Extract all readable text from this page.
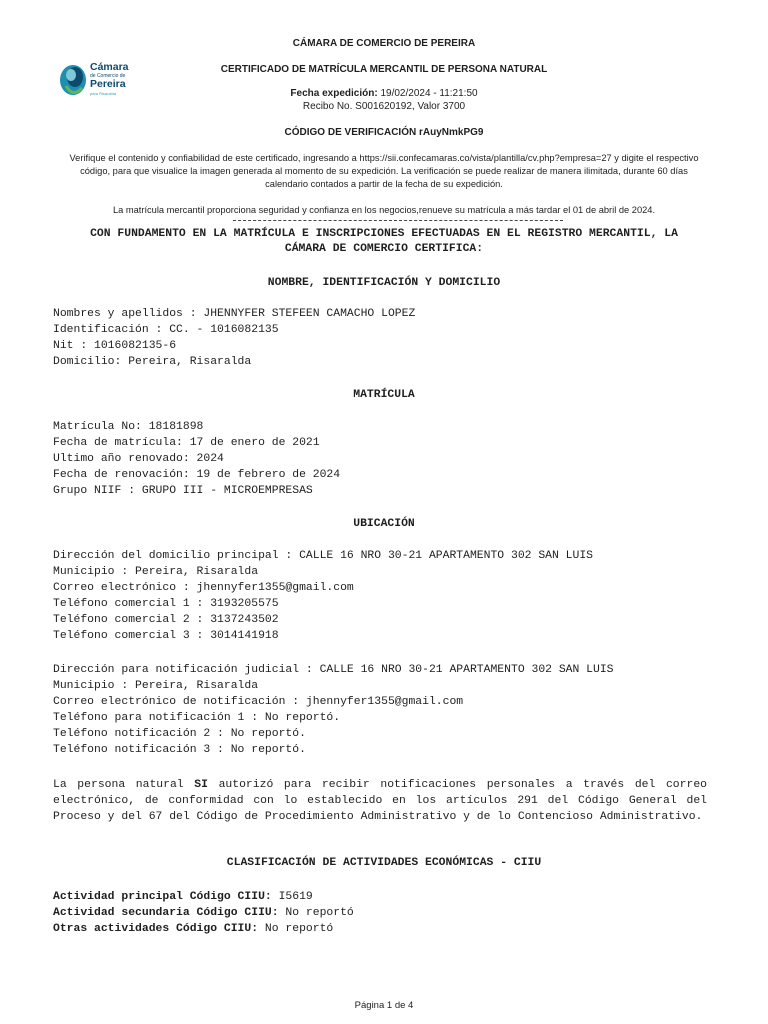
Cámara
de Comercio de
Pereira
para Risaralda
CÁMARA DE COMERCIO DE PEREIRA
CERTIFICADO DE MATRÍCULA MERCANTIL DE PERSONA NATURAL
Fecha expedición: 19/02/2024 - 11:21:50
Recibo No. S001620192, Valor 3700
CÓDIGO DE VERIFICACIÓN rAuyNmkPG9
Verifique el contenido y confiabilidad de este certificado, ingresando a https://sii.confecamaras.co/vista/plantilla/cv.php?empresa=27 y digite el respectivo código, para que visualice la imagen generada al momento de su expedición. La verificación se puede realizar de manera ilimitada, durante 60 días calendario contados a partir de la fecha de su expedición.
La matrícula mercantil proporciona seguridad y confianza en los negocios,renueve su matrícula a más tardar el 01 de abril de 2024.
CON FUNDAMENTO EN LA MATRÍCULA E INSCRIPCIONES EFECTUADAS EN EL REGISTRO MERCANTIL, LA
CÁMARA DE COMERCIO CERTIFICA:
NOMBRE, IDENTIFICACIÓN Y DOMICILIO
Nombres y apellidos : JHENNYFER STEFEEN CAMACHO LOPEZ
Identificación : CC. - 1016082135
Nit : 1016082135-6
Domicilio: Pereira, Risaralda
MATRÍCULA
Matrícula No: 18181898
Fecha de matrícula: 17 de enero de 2021
Ultimo año renovado: 2024
Fecha de renovación: 19 de febrero de 2024
Grupo NIIF : GRUPO III - MICROEMPRESAS
UBICACIÓN
Dirección del domicilio principal : CALLE 16 NRO 30-21 APARTAMENTO 302 SAN LUIS
Municipio : Pereira, Risaralda
Correo electrónico : jhennyfer1355@gmail.com
Teléfono comercial 1 : 3193205575
Teléfono comercial 2 : 3137243502
Teléfono comercial 3 : 3014141918
Dirección para notificación judicial : CALLE 16 NRO 30-21 APARTAMENTO 302 SAN LUIS
Municipio : Pereira, Risaralda
Correo electrónico de notificación : jhennyfer1355@gmail.com
Teléfono para notificación 1 : No reportó.
Teléfono notificación 2 : No reportó.
Teléfono notificación 3 : No reportó.
La persona natural SI autorizó para recibir notificaciones personales a través del correo electrónico, de conformidad con lo establecido en los artículos 291 del Código General del Proceso y del 67 del Código de Procedimiento Administrativo y de lo Contencioso Administrativo.
CLASIFICACIÓN DE ACTIVIDADES ECONÓMICAS - CIIU
Actividad principal Código CIIU: I5619
Actividad secundaria Código CIIU: No reportó
Otras actividades Código CIIU: No reportó
Página 1 de 4
